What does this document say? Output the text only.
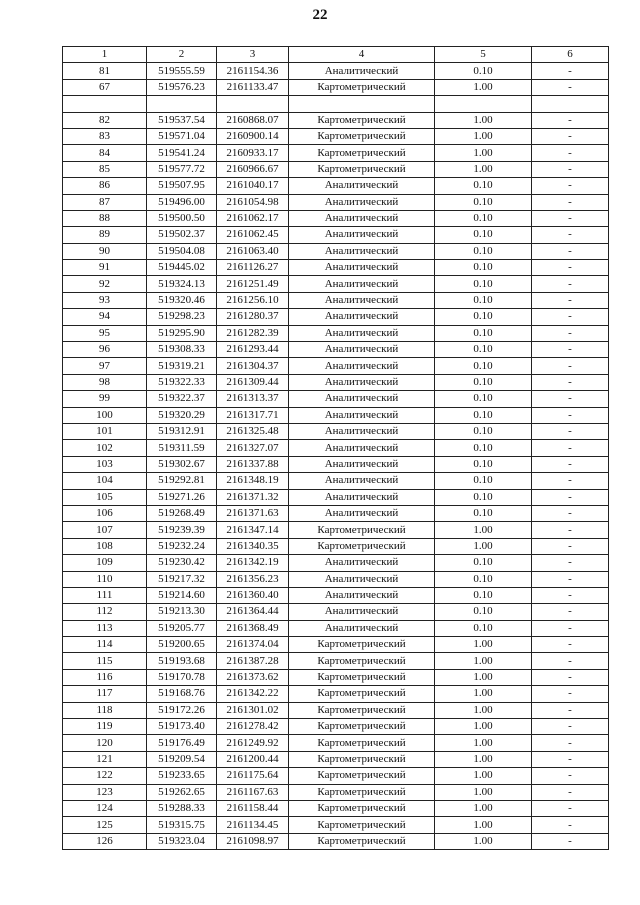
22
1	2	3	4	5	6
81	519555.59	2161154.36	Аналитический	0.10	-
67	519576.23	2161133.47	Картометрический	1.00	-

82	519537.54	2160868.07	Картометрический	1.00	-
83	519571.04	2160900.14	Картометрический	1.00	-
84	519541.24	2160933.17	Картометрический	1.00	-
85	519577.72	2160966.67	Картометрический	1.00	-
86	519507.95	2161040.17	Аналитический	0.10	-
87	519496.00	2161054.98	Аналитический	0.10	-
88	519500.50	2161062.17	Аналитический	0.10	-
89	519502.37	2161062.45	Аналитический	0.10	-
90	519504.08	2161063.40	Аналитический	0.10	-
91	519445.02	2161126.27	Аналитический	0.10	-
92	519324.13	2161251.49	Аналитический	0.10	-
93	519320.46	2161256.10	Аналитический	0.10	-
94	519298.23	2161280.37	Аналитический	0.10	-
95	519295.90	2161282.39	Аналитический	0.10	-
96	519308.33	2161293.44	Аналитический	0.10	-
97	519319.21	2161304.37	Аналитический	0.10	-
98	519322.33	2161309.44	Аналитический	0.10	-
99	519322.37	2161313.37	Аналитический	0.10	-
100	519320.29	2161317.71	Аналитический	0.10	-
101	519312.91	2161325.48	Аналитический	0.10	-
102	519311.59	2161327.07	Аналитический	0.10	-
103	519302.67	2161337.88	Аналитический	0.10	-
104	519292.81	2161348.19	Аналитический	0.10	-
105	519271.26	2161371.32	Аналитический	0.10	-
106	519268.49	2161371.63	Аналитический	0.10	-
107	519239.39	2161347.14	Картометрический	1.00	-
108	519232.24	2161340.35	Картометрический	1.00	-
109	519230.42	2161342.19	Аналитический	0.10	-
110	519217.32	2161356.23	Аналитический	0.10	-
111	519214.60	2161360.40	Аналитический	0.10	-
112	519213.30	2161364.44	Аналитический	0.10	-
113	519205.77	2161368.49	Аналитический	0.10	-
114	519200.65	2161374.04	Картометрический	1.00	-
115	519193.68	2161387.28	Картометрический	1.00	-
116	519170.78	2161373.62	Картометрический	1.00	-
117	519168.76	2161342.22	Картометрический	1.00	-
118	519172.26	2161301.02	Картометрический	1.00	-
119	519173.40	2161278.42	Картометрический	1.00	-
120	519176.49	2161249.92	Картометрический	1.00	-
121	519209.54	2161200.44	Картометрический	1.00	-
122	519233.65	2161175.64	Картометрический	1.00	-
123	519262.65	2161167.63	Картометрический	1.00	-
124	519288.33	2161158.44	Картометрический	1.00	-
125	519315.75	2161134.45	Картометрический	1.00	-
126	519323.04	2161098.97	Картометрический	1.00	-
